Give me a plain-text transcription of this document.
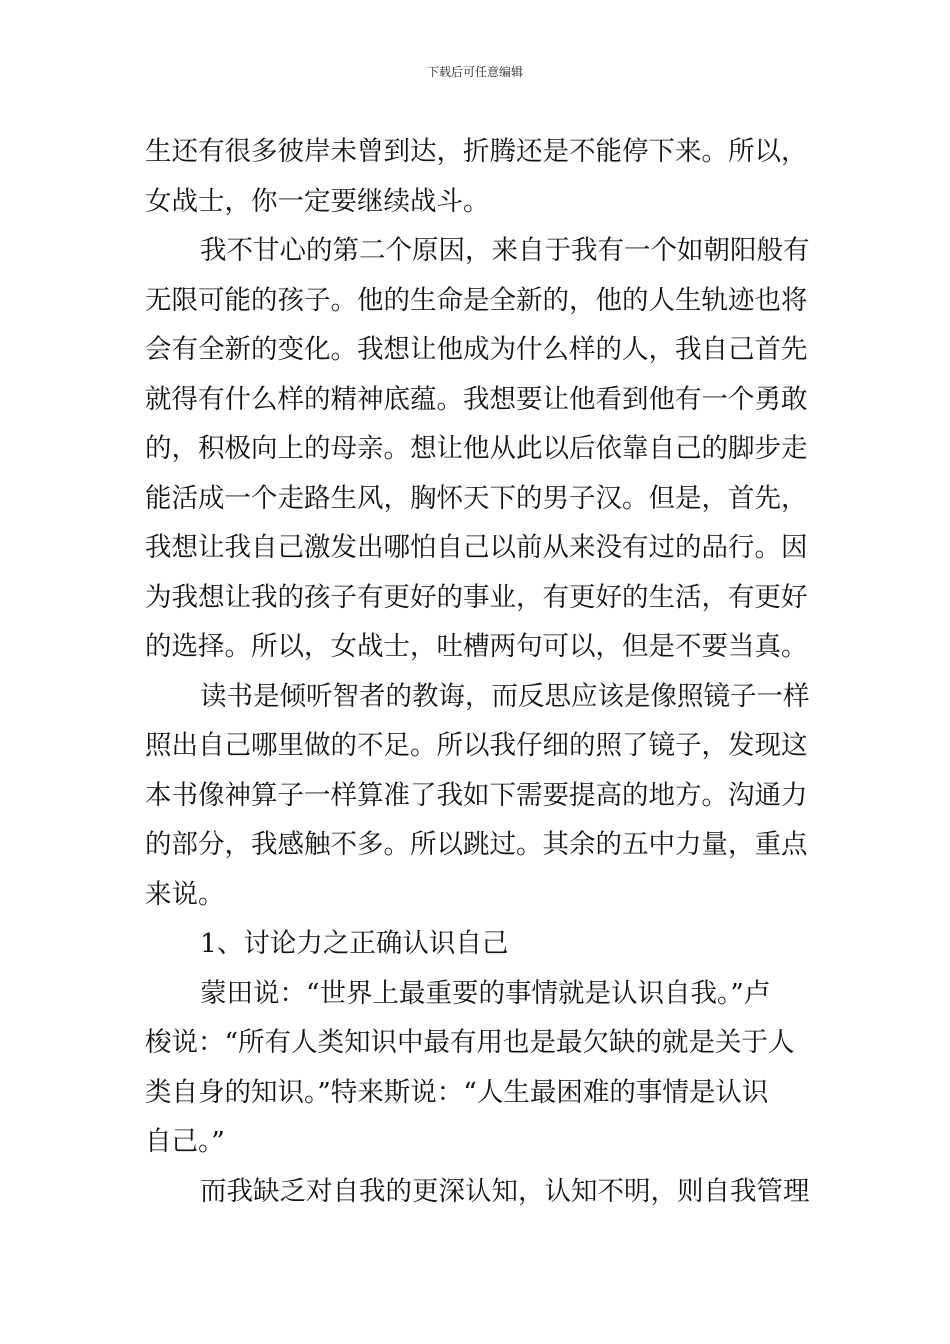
下载后可任意编辑
生还有很多彼岸未曾到达，折腾还是不能停下来。所以，
女战士，你一定要继续战斗。
我不甘心的第二个原因，来自于我有一个如朝阳般有
无限可能的孩子。他的生命是全新的，他的人生轨迹也将
会有全新的变化。我想让他成为什么样的人，我自己首先
就得有什么样的精神底蕴。我想要让他看到他有一个勇敢
的，积极向上的母亲。想让他从此以后依靠自己的脚步走
能活成一个走路生风，胸怀天下的男子汉。但是，首先，
我想让我自己激发出哪怕自己以前从来没有过的品行。因
为我想让我的孩子有更好的事业，有更好的生活，有更好
的选择。所以，女战士，吐槽两句可以，但是不要当真。
读书是倾听智者的教诲，而反思应该是像照镜子一样
照出自己哪里做的不足。所以我仔细的照了镜子，发现这
本书像神算子一样算准了我如下需要提高的地方。沟通力
的部分，我感触不多。所以跳过。其余的五中力量，重点
来说。
1、讨论力之正确认识自己
蒙田说：“世界上最重要的事情就是认识自我。”卢
梭说：“所有人类知识中最有用也是最欠缺的就是关于人
类自身的知识。”特来斯说：“人生最困难的事情是认识
自己。”
而我缺乏对自我的更深认知，认知不明，则自我管理
